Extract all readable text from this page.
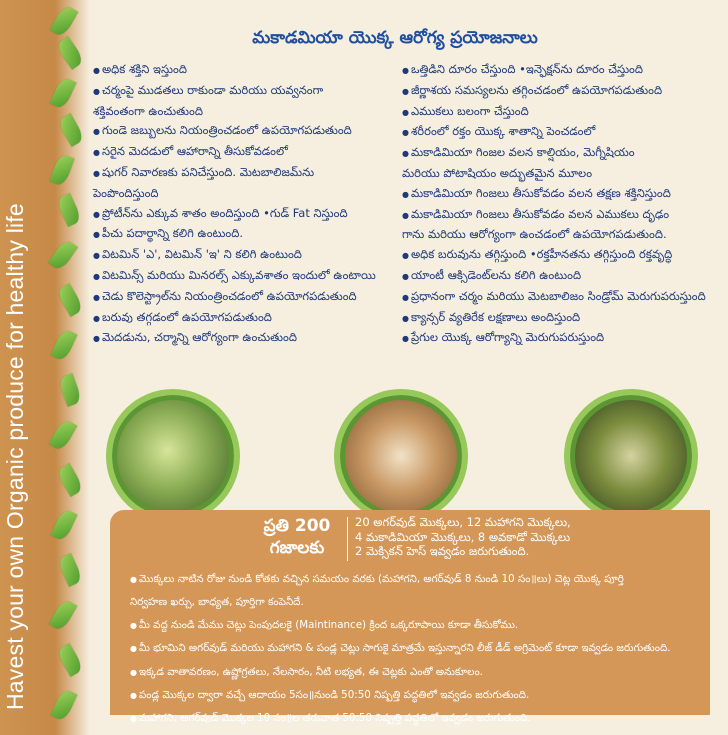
Havest your own Organic produce for healthy life
మకాడమియా యొక్క ఆరోగ్య ప్రయోజనాలు
● అధిక శక్తిని ఇస్తుంది
● చర్మంపై ముడతలు రాకుండా మరియు యవ్వనంగా
శక్తివంతంగా ఉంచుతుంది
● గుండె జబ్బులను నియంత్రించడంలో ఉపయోగపడుతుంది
● సరైన మెదడులో ఆహారాన్ని తీసుకోవడంలో
● షుగర్ నివారణకు పనిచేస్తుంది. మెటబాలిజమ్‌ను
పెంపొందిస్తుంది
● ప్రోటీన్‌ను ఎక్కువ శాతం అందిస్తుంది •గుడ్ Fat నిస్తుంది
● పీచు పదార్థాన్ని కలిగి ఉంటుంది.
● విటమిన్ 'ఎ', విటమిన్ 'ఇ' ని కలిగి ఉంటుంది
● విటమిన్స్ మరియు మినరల్స్ ఎక్కువశాతం ఇందులో ఉంటాయి
● చెడు కొలెస్ట్రాల్‌ను నియంత్రించడంలో ఉపయోగపడుతుంది
● బరువు తగ్గడంలో ఉపయోగపడుతుంది
● మెదడును, చర్మాన్ని ఆరోగ్యంగా ఉంచుతుంది
● ఒత్తిడిని దూరం చేస్తుంది •ఇన్ఫెక్షన్‌ను దూరం చేస్తుంది
● జీర్ణాశయ సమస్యలను తగ్గించడంలో ఉపయోగపడుతుంది
● ఎముకలు బలంగా చేస్తుంది
● శరీరంలో రక్తం యొక్క శాతాన్ని పెంచడంలో
● మకాడిమియా గింజల వలన కాల్షియం, మెగ్నీషియం
మరియు పోటాషియం అద్భుతమైన మూలం
● మకాడిమియా గింజలు తీసుకోవడం వలన తక్షణ శక్తినిస్తుంది
● మకాడిమియా గింజలు తీసుకోవడం వలన ఎముకలు దృఢం
గాను మరియు ఆరోగ్యంగా ఉంచడంలో ఉపయోగపడుతుంది.
● అధిక బరువును తగ్గిస్తుంది •రక్తహీనతను తగ్గిస్తుంది రక్తవృద్ధి
● యాంటీ ఆక్సిడెంట్‌లను కలిగి ఉంటుంది
● ప్రధానంగా చర్మం మరియు మెటబాలిజం సిండ్రోమ్ మెరుగుపరుస్తుంది
● క్యాన్సర్ వ్యతిరేక లక్షణాలు అందిస్తుంది
● ప్రేగుల యొక్క ఆరోగ్యాన్ని మెరుగుపరుస్తుంది
ప్రతి 200
గజాలకు
20 అగర్‌వుడ్ మొక్కలు, 12 మహాగని మొక్కలు,
4 మకాడిమియా మొక్కలు, 8 అవకాడో మొక్కలు
2 మెక్సికన్ హెస్ ఇవ్వడం జరుగుతుంది.
● మొక్కలు నాటిన రోజు నుండి కోతకు వచ్చిన సమయం వరకు (మహాగని, అగర్‌వుడ్ 8 నుండి 10 సం॥లు) చెట్ల యొక్క పూర్తి
నిర్వహణ ఖర్చు, బాధ్యత, పూర్తిగా కంపెనీదే.
● మీ వద్ద నుండి మేము చెట్లు పెంపుదలకై (Maintinance) క్రింద ఒక్కరూపాయి కూడా తీసుకోము.
● మీ భూమిని అగర్‌వుడ్ మరియు మహాగని & పండ్ల చెట్లు సాగుకై మాత్రమే ఇస్తున్నారని లీజ్ డీడ్ అగ్రిమెంట్ కూడా ఇవ్వడం జరుగుతుంది.
● ఇక్కడ వాతావరణం, ఉష్ణోగ్రతలు, నేలసారం, నీటి లభ్యత, ఈ చెట్లకు ఎంతో అనుకూలం.
● పండ్ల మొక్కల ద్వారా వచ్చే ఆదాయం 5సం॥నుండి 50:50 నిష్పత్తి పద్ధతిలో ఇవ్వడం జరుగుతుంది.
● మహాగని, అగర్‌వుడ్ మొక్కల 10 సం॥ల తరువాత 50:50 నిష్పత్తి పద్ధతిలో ఇవ్వడం జరుగుతుంది.
